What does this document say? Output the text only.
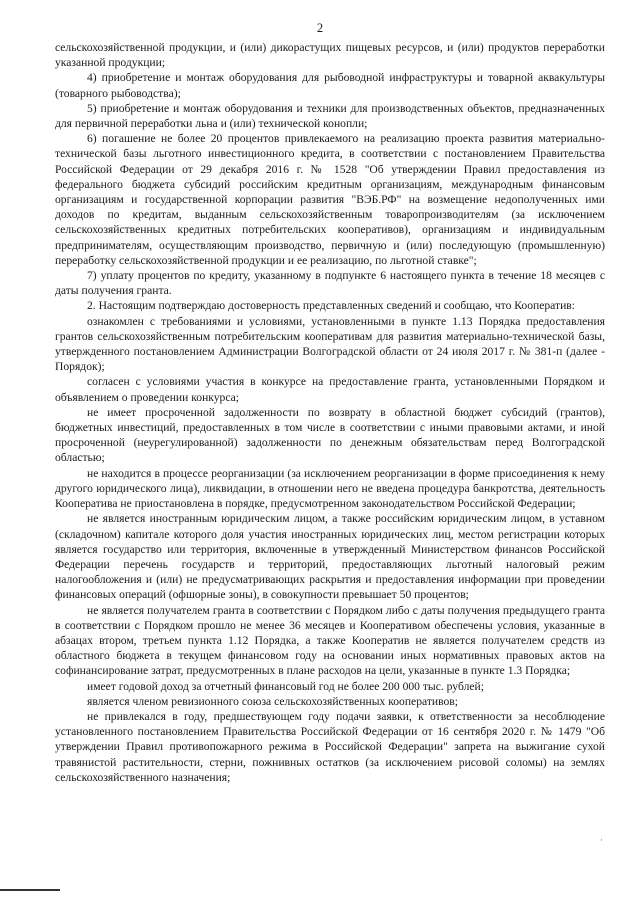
2

сельскохозяйственной продукции, и (или) дикорастущих пищевых ресурсов, и (или) продуктов переработки указанной продукции;

4) приобретение и монтаж оборудования для рыбоводной инфраструктуры и товарной аквакультуры (товарного рыбоводства);

5) приобретение и монтаж оборудования и техники для производственных объектов, предназначенных для первичной переработки льна и (или) технической конопли;

6) погашение не более 20 процентов привлекаемого на реализацию проекта развития материально-технической базы льготного инвестиционного кредита, в соответствии с постановлением Правительства Российской Федерации от 29 декабря 2016 г. № 1528 "Об утверждении Правил предоставления из федерального бюджета субсидий российским кредитным организациям, международным финансовым организациям и государственной корпорации развития "ВЭБ.РФ" на возмещение недополученных ими доходов по кредитам, выданным сельскохозяйственным товаропроизводителям (за исключением сельскохозяйственных кредитных потребительских кооперативов), организациям и индивидуальным предпринимателям, осуществляющим производство, первичную и (или) последующую (промышленную) переработку сельскохозяйственной продукции и ее реализацию, по льготной ставке";

7) уплату процентов по кредиту, указанному в подпункте 6 настоящего пункта в течение 18 месяцев с даты получения гранта.

2. Настоящим подтверждаю достоверность представленных сведений и сообщаю, что Кооператив:

ознакомлен с требованиями и условиями, установленными в пункте 1.13 Порядка предоставления грантов сельскохозяйственным потребительским кооперативам для развития материально-технической базы, утвержденного постановлением Администрации Волгоградской области от 24 июля 2017 г. № 381-п (далее - Порядок);

согласен с условиями участия в конкурсе на предоставление гранта, установленными Порядком и объявлением о проведении конкурса;

не имеет просроченной задолженности по возврату в областной бюджет субсидий (грантов), бюджетных инвестиций, предоставленных в том числе в соответствии с иными правовыми актами, и иной просроченной (неурегулированной) задолженности по денежным обязательствам перед Волгоградской областью;

не находится в процессе реорганизации (за исключением реорганизации в форме присоединения к нему другого юридического лица), ликвидации, в отношении него не введена процедура банкротства, деятельность Кооператива не приостановлена в порядке, предусмотренном законодательством Российской Федерации;

не является иностранным юридическим лицом, а также российским юридическим лицом, в уставном (складочном) капитале которого доля участия иностранных юридических лиц, местом регистрации которых является государство или территория, включенные в утвержденный Министерством финансов Российской Федерации перечень государств и территорий, предоставляющих льготный налоговый режим налогообложения и (или) не предусматривающих раскрытия и предоставления информации при проведении финансовых операций (офшорные зоны), в совокупности превышает 50 процентов;

не является получателем гранта в соответствии с Порядком либо с даты получения предыдущего гранта в соответствии с Порядком прошло не менее 36 месяцев и Кооперативом обеспечены условия, указанные в абзацах втором, третьем пункта 1.12 Порядка, а также Кооператив не является получателем средств из областного бюджета в текущем финансовом году на основании иных нормативных правовых актов на софинансирование затрат, предусмотренных в плане расходов на цели, указанные в пункте 1.3 Порядка;

имеет годовой доход за отчетный финансовый год не более 200 000 тыс. рублей;

является членом ревизионного союза сельскохозяйственных кооперативов;

не привлекался в году, предшествующем году подачи заявки, к ответственности за несоблюдение установленного постановлением Правительства Российской Федерации от 16 сентября 2020 г. № 1479 "Об утверждении Правил противопожарного режима в Российской Федерации" запрета на выжигание сухой травянистой растительности, стерни, пожнивных остатков (за исключением рисовой соломы) на землях сельскохозяйственного назначения;

·
